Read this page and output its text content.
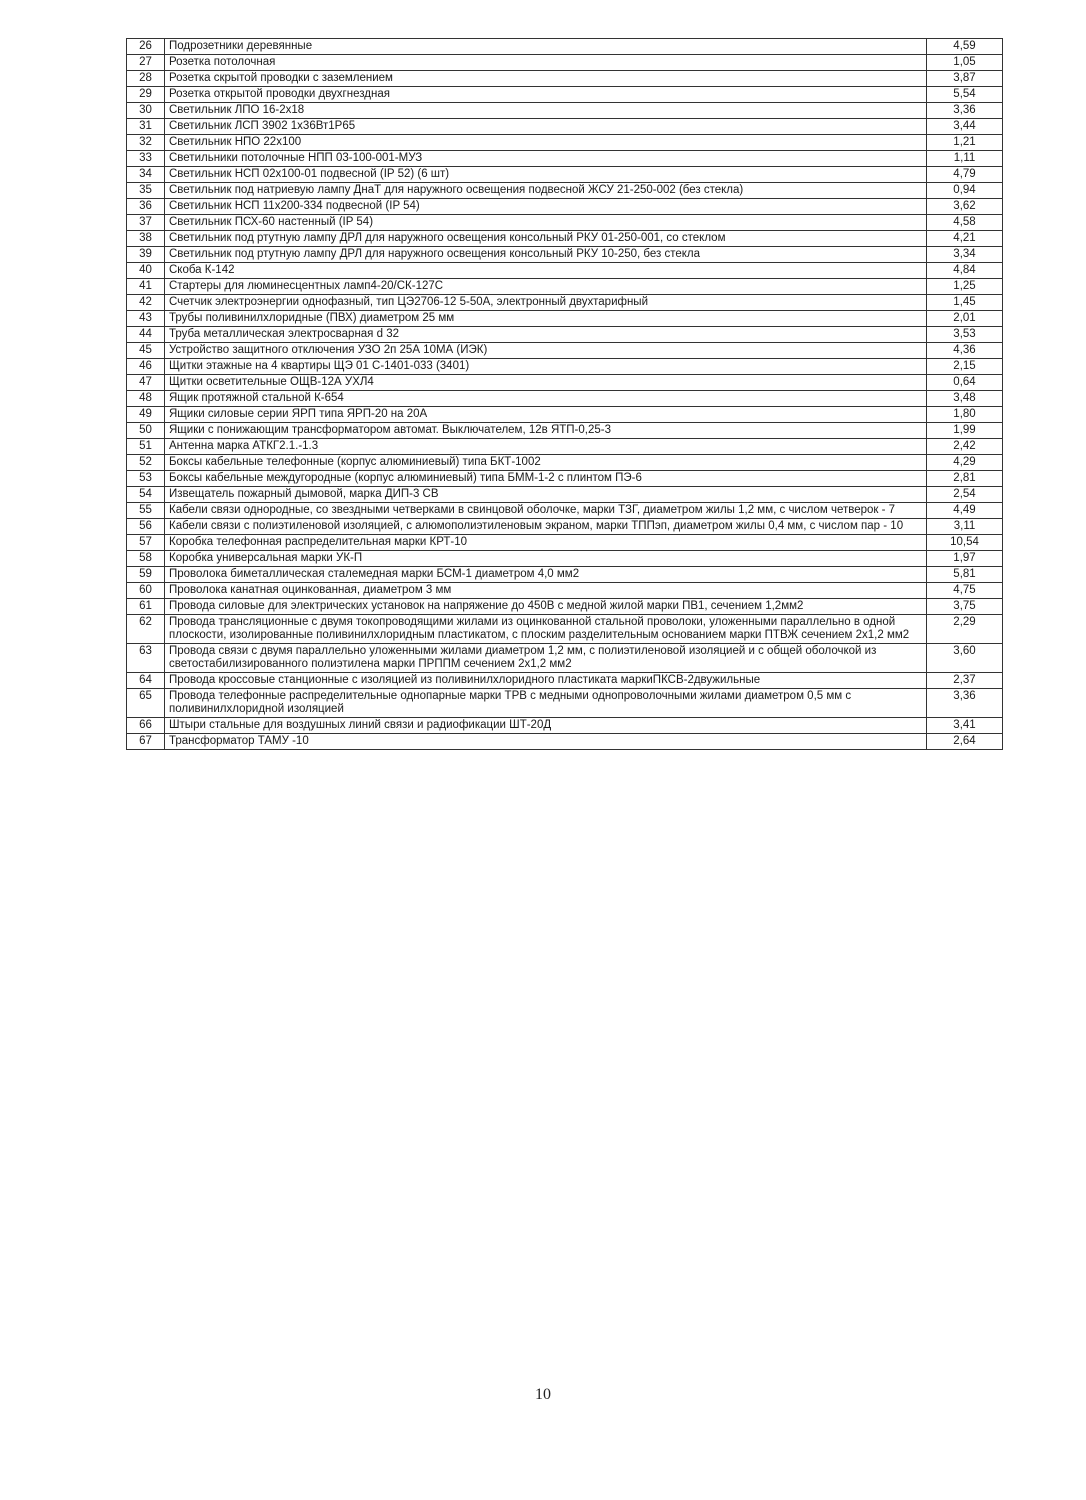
26	Подрозетники деревянные	4,59
27	Розетка потолочная	1,05
28	Розетка скрытой проводки с заземлением	3,87
29	Розетка открытой проводки двухгнездная	5,54
30	Светильник ЛПО 16-2х18	3,36
31	Светильник ЛСП 3902 1х36Вт1Р65	3,44
32	Светильник НПО 22х100	1,21
33	Светильники потолочные НПП 03-100-001-МУЗ	1,11
34	Светильник НСП 02х100-01 подвесной (IP 52) (6 шт)	4,79
35	Светильник под натриевую лампу ДнаТ для наружного освещения подвесной ЖСУ 21-250-002 (без стекла)	0,94
36	Светильник НСП 11х200-334 подвесной (IP 54)	3,62
37	Светильник ПСХ-60 настенный (IP 54)	4,58
38	Светильник под ртутную лампу ДРЛ для наружного освещения консольный РКУ 01-250-001, со стеклом	4,21
39	Светильник под ртутную лампу ДРЛ для наружного освещения консольный РКУ 10-250, без стекла	3,34
40	Скоба К-142	4,84
41	Стартеры для люминесцентных ламп4-20/СК-127С	1,25
42	Счетчик электроэнергии однофазный, тип ЦЭ2706-12 5-50А, электронный двухтарифный	1,45
43	Трубы поливинилхлоридные (ПВХ) диаметром 25 мм	2,01
44	Труба металлическая электросварная d 32	3,53
45	Устройство защитного отключения УЗО 2п 25А 10МА (ИЭК)	4,36
46	Щитки этажные на 4 квартиры ЩЭ 01 С-1401-033 (3401)	2,15
47	Щитки осветительные ОЩВ-12А УХЛ4	0,64
48	Ящик протяжной стальной К-654	3,48
49	Ящики силовые серии ЯРП типа ЯРП-20 на 20А	1,80
50	Ящики с понижающим трансформатором автомат. Выключателем, 12в ЯТП-0,25-3	1,99
51	Антенна марка АТКГ2.1.-1.3	2,42
52	Боксы кабельные телефонные (корпус алюминиевый) типа БКТ-1002	4,29
53	Боксы кабельные междугородные (корпус алюминиевый) типа БММ-1-2 с плинтом ПЭ-6	2,81
54	Извещатель пожарный дымовой, марка ДИП-3 СВ	2,54
55	Кабели связи однородные, со звездными четверками в свинцовой оболочке, марки ТЗГ, диаметром жилы 1,2 мм, с числом четверок - 7	4,49
56	Кабели связи с полиэтиленовой изоляцией, с алюмополиэтиленовым экраном, марки ТППэп, диаметром жилы 0,4 мм, с числом пар - 10	3,11
57	Коробка телефонная распределительная марки КРТ-10	10,54
58	Коробка универсальная марки УК-П	1,97
59	Проволока биметаллическая сталемедная марки БСМ-1 диаметром 4,0 мм2	5,81
60	Проволока канатная оцинкованная, диаметром 3 мм	4,75
61	Провода силовые для электрических установок на напряжение до 450В с медной жилой марки ПВ1, сечением 1,2мм2	3,75
62	Провода трансляционные с двумя токопроводящими жилами из оцинкованной стальной проволоки, уложенными параллельно в одной плоскости, изолированные поливинилхлоридным пластикатом, с плоским разделительным основанием марки ПТВЖ сечением 2х1,2 мм2	2,29
63	Провода связи с двумя параллельно уложенными жилами диаметром 1,2 мм, с полиэтиленовой изоляцией и с общей оболочкой из светостабилизированного полиэтилена марки ПРППМ сечением 2х1,2 мм2	3,60
64	Провода кроссовые станционные с изоляцией из поливинилхлоридного пластиката маркиПКСВ-2двужильные	2,37
65	Провода телефонные распределительные однопарные марки ТРВ с медными однопроволочными жилами диаметром 0,5 мм с поливинилхлоридной изоляцией	3,36
66	Штыри стальные для воздушных линий связи и радиофикации ШТ-20Д	3,41
67	Трансформатор ТАМУ -10	2,64
10
